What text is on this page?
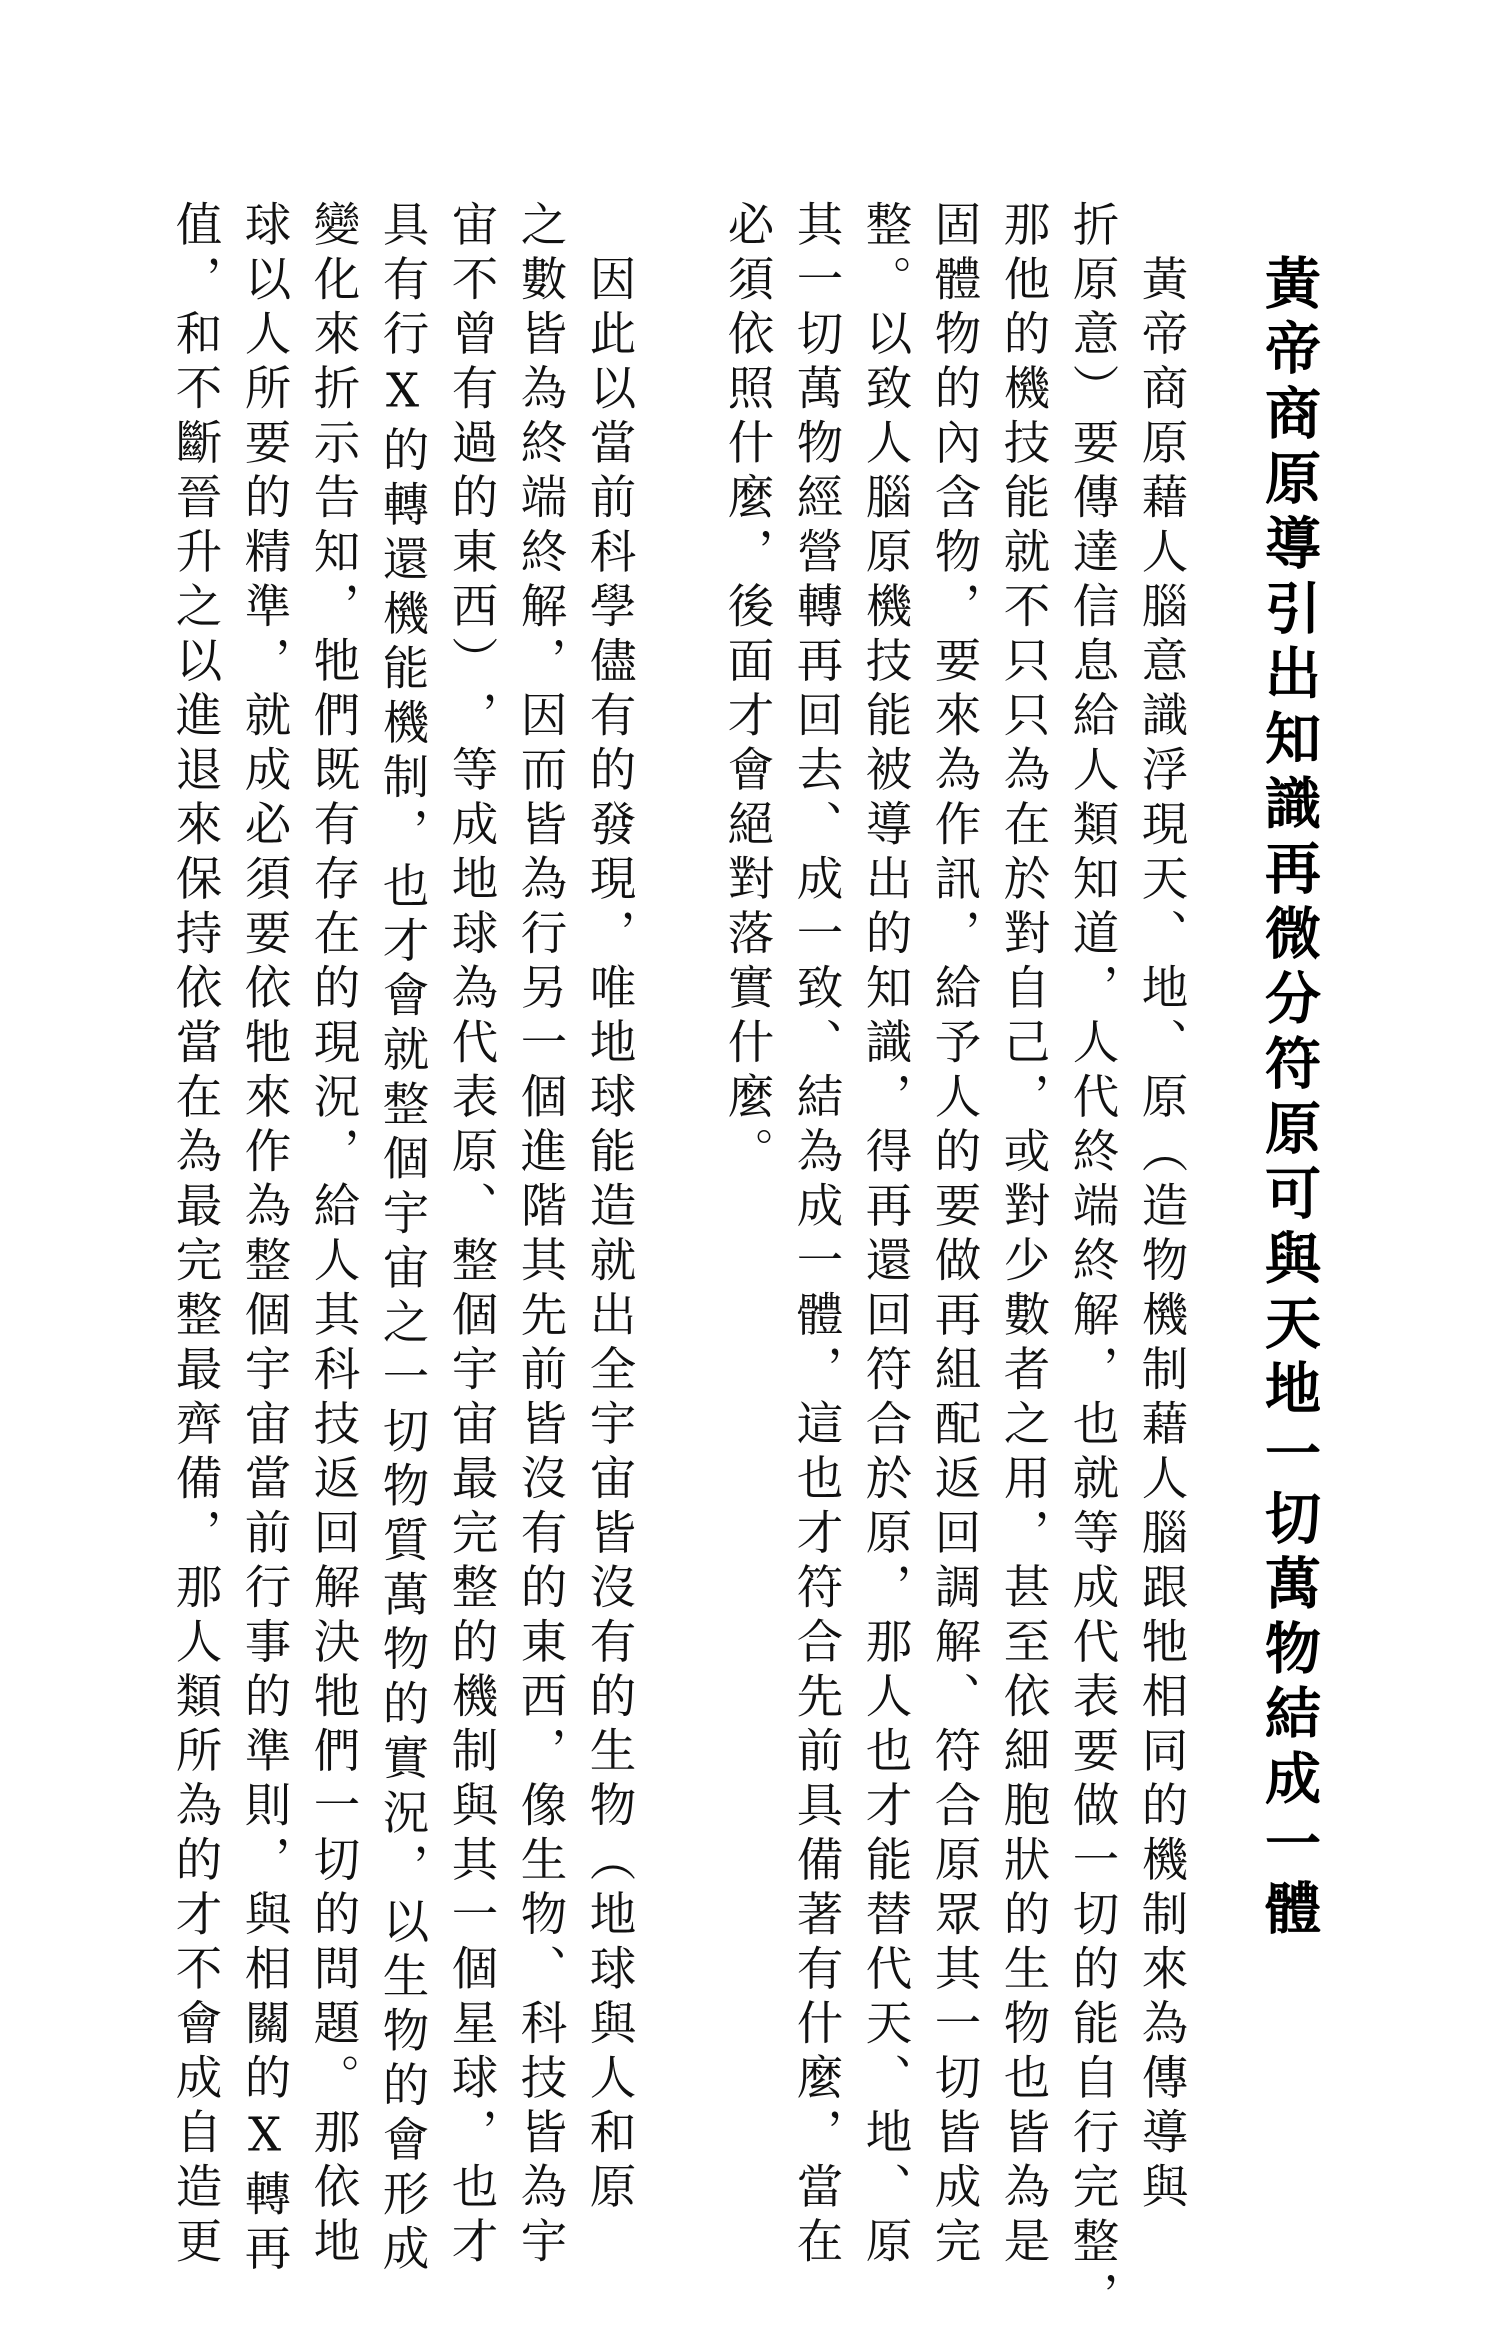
黃帝商原導引出知識再微分符原可與天地一切萬物結成一體
　黃帝商原藉人腦意識浮現天、地、原︵造物機制藉人腦跟牠相同的機制來為傳導與
折原意︶要傳達信息給人類知道，人代終端終解，也就等成代表要做一切的能自行完整，
那他的機技能就不只只為在於對自己，或對少數者之用，甚至依細胞狀的生物也皆為是
固體物的內含物，要來為作訊，給予人的要做再組配返回調解、符合原眾其一切皆成完
整。以致人腦原機技能被導出的知識，得再還回符合於原，那人也才能替代天、地、原
其一切萬物經營轉再回去、成一致、結為成一體，這也才符合先前具備著有什麼，當在
必須依照什麼，後面才會絕對落實什麼。
　因此以當前科學儘有的發現，唯地球能造就出全宇宙皆沒有的生物︵地球與人和原
之數皆為終端終解，因而皆為行另一個進階其先前皆沒有的東西，像生物、科技皆為宇
宙不曾有過的東西︶，等成地球為代表原、整個宇宙最完整的機制與其一個星球，也才
具有行X的轉還機能機制，也才會就整個宇宙之一切物質萬物的實況，以生物的會形成
變化來折示告知，牠們既有存在的現況，給人其科技返回解決牠們一切的問題。那依地
球以人所要的精準，就成必須要依牠來作為整個宇宙當前行事的準則，與相關的X轉再
值，和不斷晉升之以進退來保持依當在為最完整最齊備，那人類所為的才不會成自造更
